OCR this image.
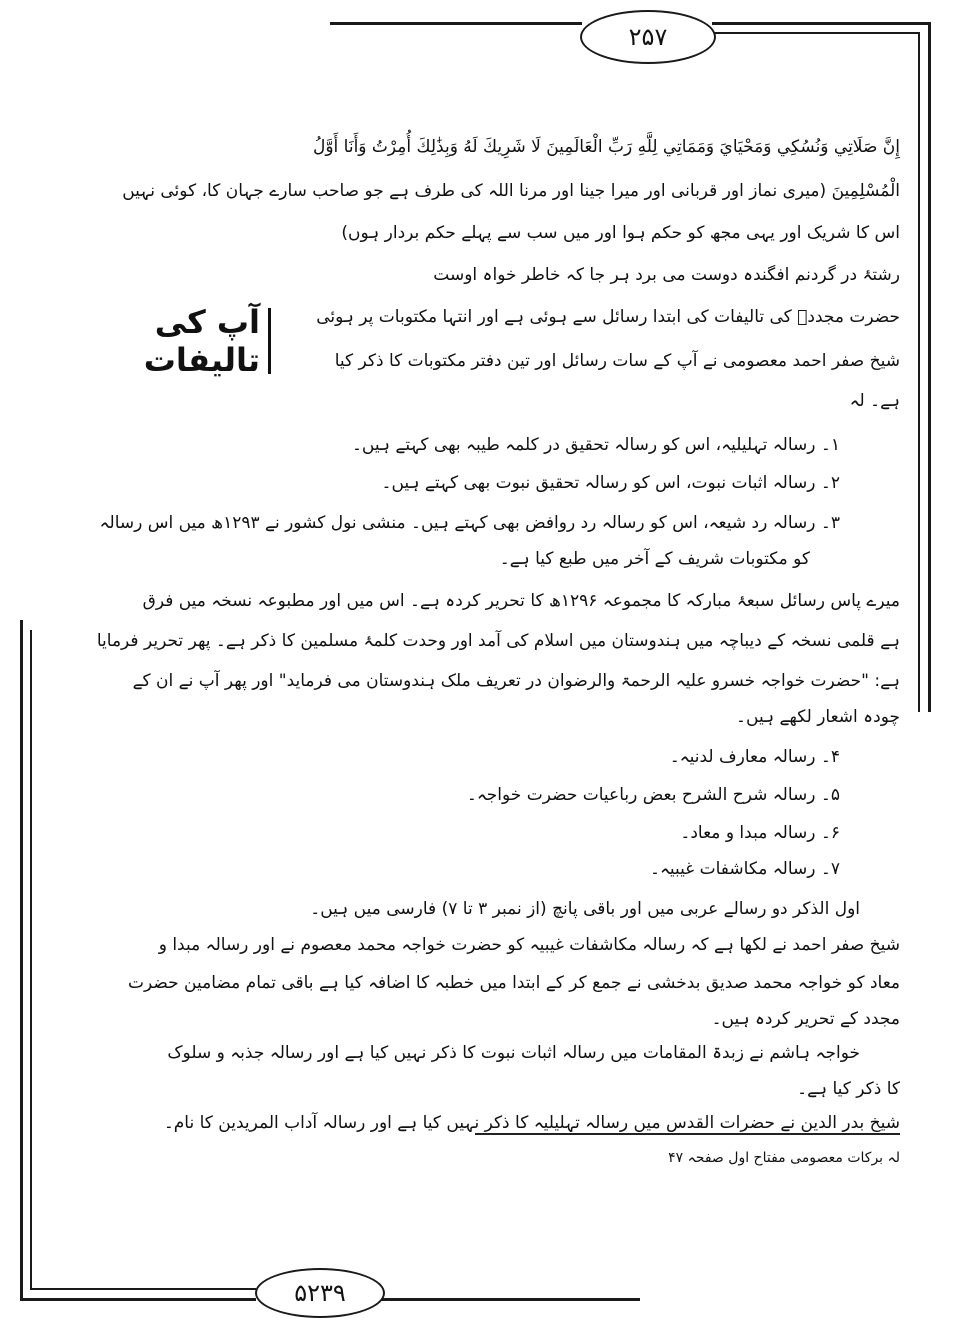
۲۵۷
۵۲۳۹
إِنَّ صَلَاتِي وَنُسُكِي وَمَحْيَايَ وَمَمَاتِي لِلَّهِ رَبِّ الْعَالَمِينَ لَا شَرِيكَ لَهُ وَبِذَٰلِكَ أُمِرْتُ وَأَنَا أَوَّلُ
الْمُسْلِمِينَ (میری نماز اور قربانی اور میرا جینا اور مرنا اللہ کی طرف ہے جو صاحب سارے جہان کا، کوئی نہیں
اس کا شریک اور یہی مجھ کو حکم ہوا اور میں سب سے پہلے حکم بردار ہوں)
رشتۂ در گردنم افگندہ دوست می برد ہر جا کہ خاطر خواہ اوست
آپ کی تالیفات
حضرت مجددؒ کی تالیفات کی ابتدا رسائل سے ہوئی ہے اور انتہا مکتوبات پر ہوئی
شیخ صفر احمد معصومی نے آپ کے سات رسائل اور تین دفتر مکتوبات کا ذکر کیا
ہے۔ لہ
۱۔ رسالہ تہلیلیہ، اس کو رسالہ تحقیق در کلمہ طیبہ بھی کہتے ہیں۔
۲۔ رسالہ اثبات نبوت، اس کو رسالہ تحقیق نبوت بھی کہتے ہیں۔
۳۔ رسالہ رد شیعہ، اس کو رسالہ رد روافض بھی کہتے ہیں۔ منشی نول کشور نے ۱۲۹۳ھ میں اس رسالہ
کو مکتوبات شریف کے آخر میں طبع کیا ہے۔
میرے پاس رسائل سبعۂ مبارکہ کا مجموعہ ۱۲۹۶ھ کا تحریر کردہ ہے۔ اس میں اور مطبوعہ نسخہ میں فرق
ہے قلمی نسخہ کے دیباچہ میں ہندوستان میں اسلام کی آمد اور وحدت کلمۂ مسلمین کا ذکر ہے۔ پھر تحریر فرمایا
ہے: "حضرت خواجہ خسرو علیہ الرحمۃ والرضوان در تعریف ملک ہندوستان می فرماید" اور پھر آپ نے ان کے
چودہ اشعار لکھے ہیں۔
۴۔ رسالہ معارف لدنیہ۔
۵۔ رسالہ شرح الشرح بعض رباعیات حضرت خواجہ۔
۶۔ رسالہ مبدا و معاد۔
۷۔ رسالہ مکاشفات غیبیہ۔
اول الذکر دو رسالے عربی میں اور باقی پانچ (از نمبر ۳ تا ۷) فارسی میں ہیں۔
شیخ صفر احمد نے لکھا ہے کہ رسالہ مکاشفات غیبیہ کو حضرت خواجہ محمد معصوم نے اور رسالہ مبدا و
معاد کو خواجہ محمد صدیق بدخشی نے جمع کر کے ابتدا میں خطبہ کا اضافہ کیا ہے باقی تمام مضامین حضرت
مجدد کے تحریر کردہ ہیں۔
خواجہ ہاشم نے زبدۃ المقامات میں رسالہ اثبات نبوت کا ذکر نہیں کیا ہے اور رسالہ جذبہ و سلوک
کا ذکر کیا ہے۔
شیخ بدر الدین نے حضرات القدس میں رسالہ تہلیلیہ کا ذکر نہیں کیا ہے اور رسالہ آداب المریدین کا نام۔
لہ برکات معصومی مفتاح اول صفحہ ۴۷
